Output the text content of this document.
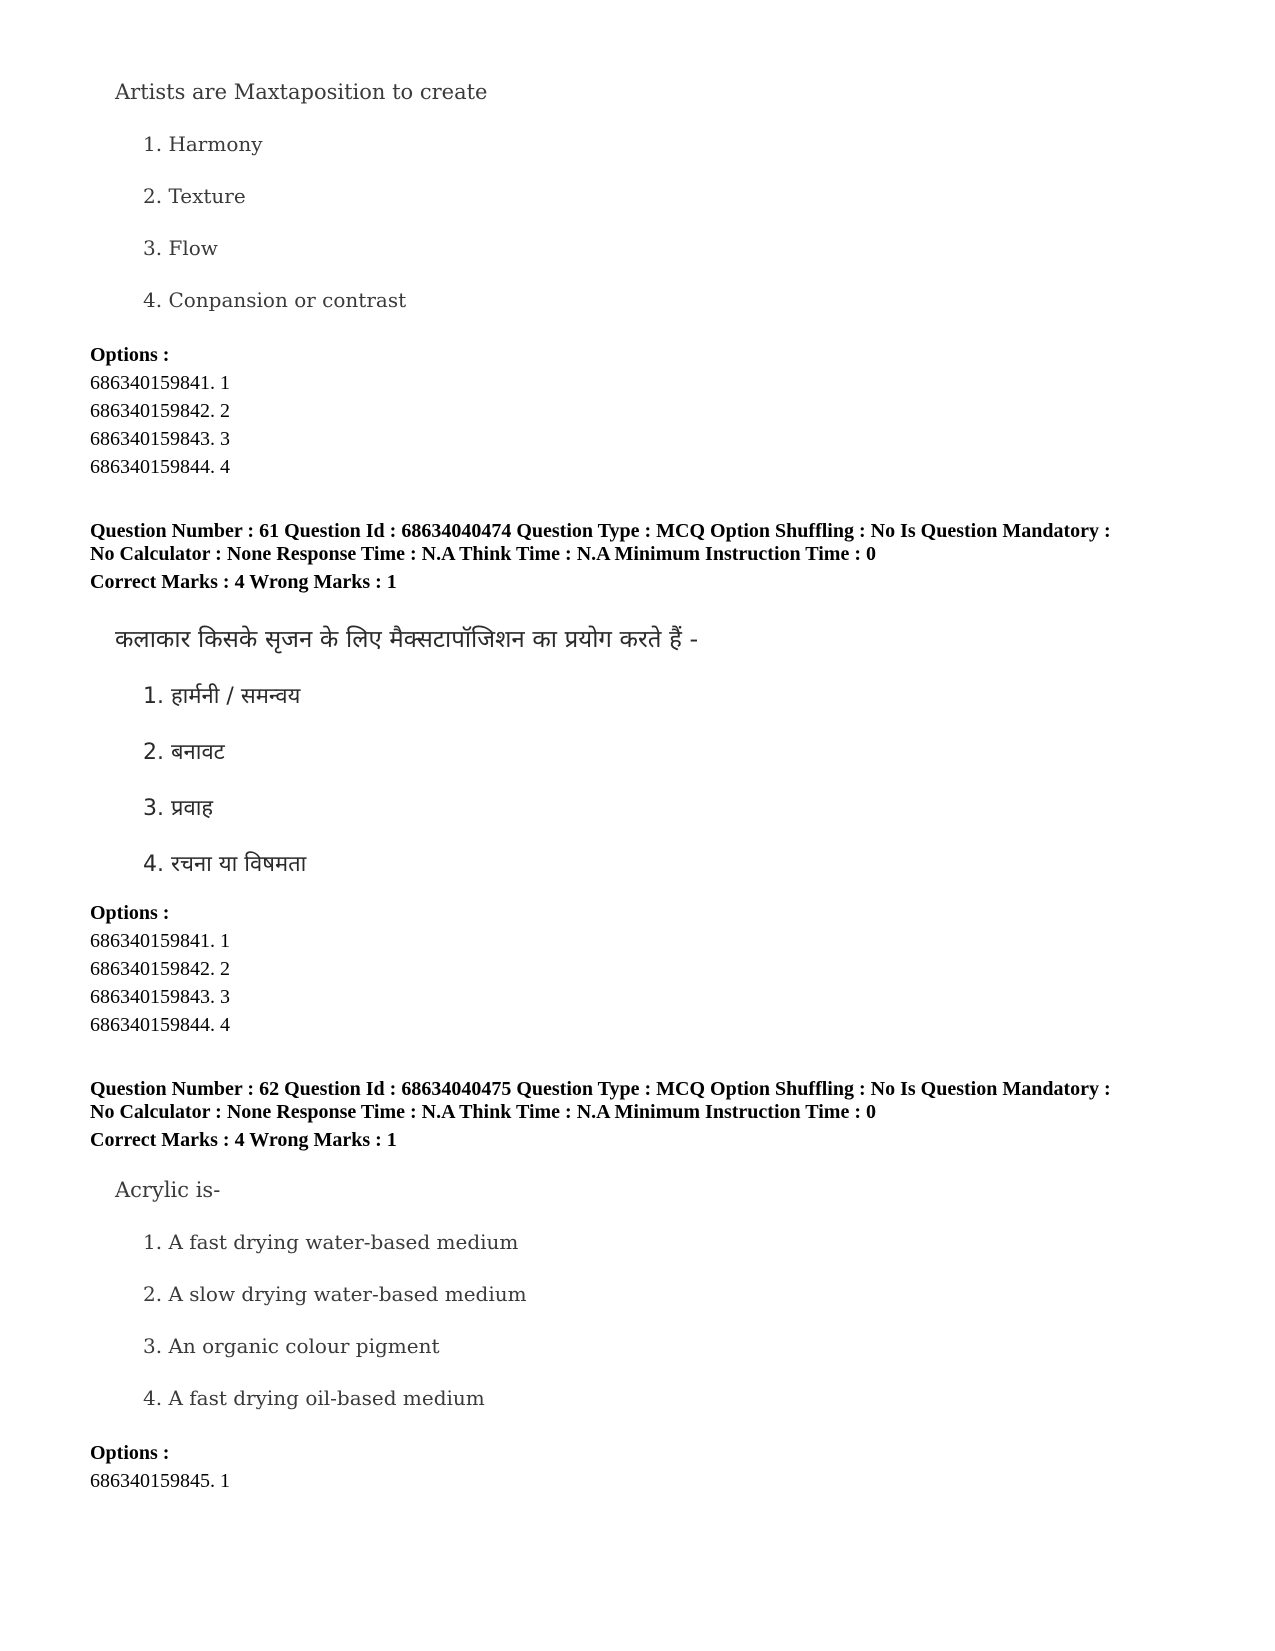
Artists are Maxtaposition to create
1. Harmony
2. Texture
3. Flow
4. Conpansion or contrast
Options :
686340159841. 1
686340159842. 2
686340159843. 3
686340159844. 4
Question Number : 61 Question Id : 68634040474 Question Type : MCQ Option Shuffling : No Is Question Mandatory :
No Calculator : None Response Time : N.A Think Time : N.A Minimum Instruction Time : 0
Correct Marks : 4 Wrong Marks : 1
कलाकार किसके सृजन के लिए मैक्सटापॉजिशन का प्रयोग करते हैं -
1. हार्मनी / समन्वय
2. बनावट
3. प्रवाह
4. रचना या विषमता
Options :
686340159841. 1
686340159842. 2
686340159843. 3
686340159844. 4
Question Number : 62 Question Id : 68634040475 Question Type : MCQ Option Shuffling : No Is Question Mandatory :
No Calculator : None Response Time : N.A Think Time : N.A Minimum Instruction Time : 0
Correct Marks : 4 Wrong Marks : 1
Acrylic is-
1. A fast drying water-based medium
2. A slow drying water-based medium
3. An organic colour pigment
4. A fast drying oil-based medium
Options :
686340159845. 1
